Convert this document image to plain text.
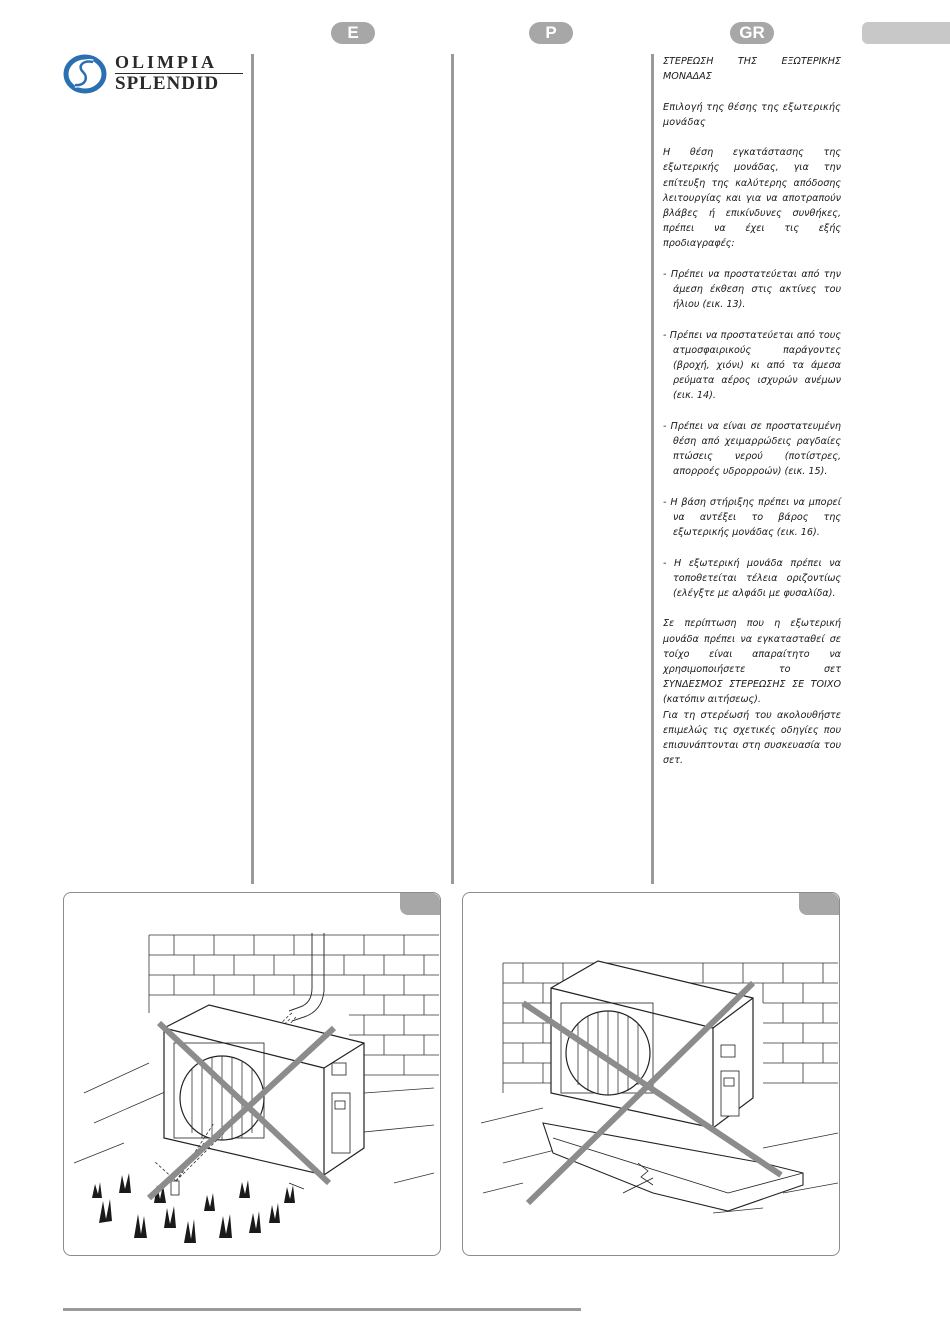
E	P	GR
OLIMPIA
SPLENDID

ΣΤΕΡΕΩΣΗ ΤΗΣ ΕΞΩΤΕΡΙΚΗΣ ΜΟΝΑΔΑΣ

Επιλογή της θέσης της εξωτερικής μονάδας

Η θέση εγκατάστασης της εξωτερικής μονάδας, για την επίτευξη της καλύτερης απόδοσης λειτουργίας και για να αποτραπούν βλάβες ή επικίνδυνες συνθήκες, πρέπει να έχει τις εξής προδιαγραφές:

- Πρέπει να προστατεύεται από την άμεση έκθεση στις ακτίνες του ήλιου (εικ. 13).

- Πρέπει να προστατεύεται από τους ατμοσφαιρικούς παράγοντες (βροχή, χιόνι) κι από τα άμεσα ρεύματα αέρος ισχυρών ανέμων (εικ. 14).

- Πρέπει να είναι σε προστατευμένη θέση από χειμαρρώδεις ραγδαίες πτώσεις νερού (ποτίστρες, απορροές υδρορροών) (εικ. 15).

- Η βάση στήριξης πρέπει να μπορεί να αντέξει το βάρος της εξωτερικής μονάδας (εικ. 16).

- Η εξωτερική μονάδα πρέπει να τοποθετείται τέλεια οριζοντίως (ελέγξτε με αλφάδι με φυσαλίδα).

Σε περίπτωση που η εξωτερική μονάδα πρέπει να εγκατασταθεί σε τοίχο είναι απαραίτητο να χρησιμοποιήσετε το σετ ΣΥΝΔΕΣΜΟΣ ΣΤΕΡΕΩΣΗΣ ΣΕ ΤΟΙΧΟ (κατόπιν αιτήσεως).

Για τη στερέωσή του ακολουθήστε επιμελώς τις σχετικές οδηγίες που επισυνάπτονται στη συσκευασία του σετ.
